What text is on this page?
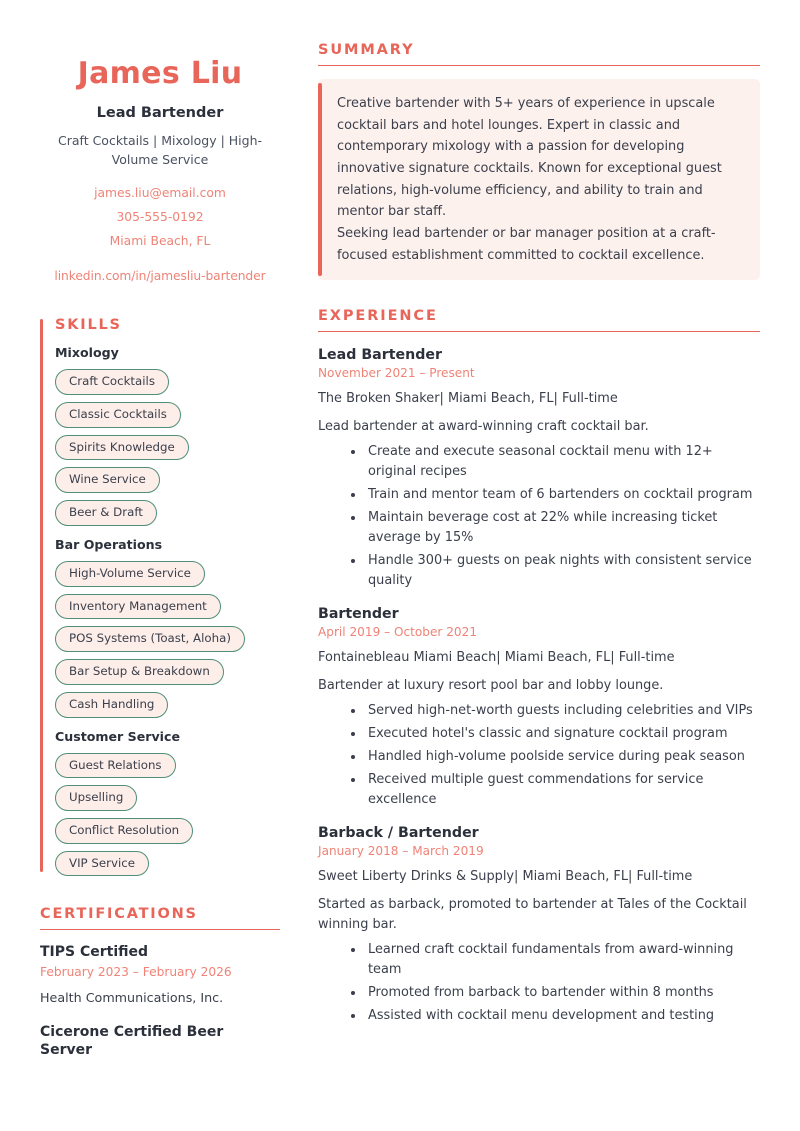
James Liu
Lead Bartender
Craft Cocktails | Mixology | High-Volume Service
james.liu@email.com
305-555-0192
Miami Beach, FL
linkedin.com/in/jamesliu-bartender
SKILLS
Mixology
Craft Cocktails
Classic Cocktails
Spirits Knowledge
Wine Service
Beer & Draft
Bar Operations
High-Volume Service
Inventory Management
POS Systems (Toast, Aloha)
Bar Setup & Breakdown
Cash Handling
Customer Service
Guest Relations
Upselling
Conflict Resolution
VIP Service
CERTIFICATIONS
TIPS Certified
February 2023 – February 2026
Health Communications, Inc.
Cicerone Certified Beer Server
SUMMARY
Creative bartender with 5+ years of experience in upscale cocktail bars and hotel lounges. Expert in classic and contemporary mixology with a passion for developing innovative signature cocktails. Known for exceptional guest relations, high-volume efficiency, and ability to train and mentor bar staff.
Seeking lead bartender or bar manager position at a craft-focused establishment committed to cocktail excellence.
EXPERIENCE
Lead Bartender
November 2021 – Present
The Broken Shaker| Miami Beach, FL| Full-time
Lead bartender at award-winning craft cocktail bar.
• Create and execute seasonal cocktail menu with 12+ original recipes
• Train and mentor team of 6 bartenders on cocktail program
• Maintain beverage cost at 22% while increasing ticket average by 15%
• Handle 300+ guests on peak nights with consistent service quality
Bartender
April 2019 – October 2021
Fontainebleau Miami Beach| Miami Beach, FL| Full-time
Bartender at luxury resort pool bar and lobby lounge.
• Served high-net-worth guests including celebrities and VIPs
• Executed hotel's classic and signature cocktail program
• Handled high-volume poolside service during peak season
• Received multiple guest commendations for service excellence
Barback / Bartender
January 2018 – March 2019
Sweet Liberty Drinks & Supply| Miami Beach, FL| Full-time
Started as barback, promoted to bartender at Tales of the Cocktail winning bar.
• Learned craft cocktail fundamentals from award-winning team
• Promoted from barback to bartender within 8 months
• Assisted with cocktail menu development and testing
